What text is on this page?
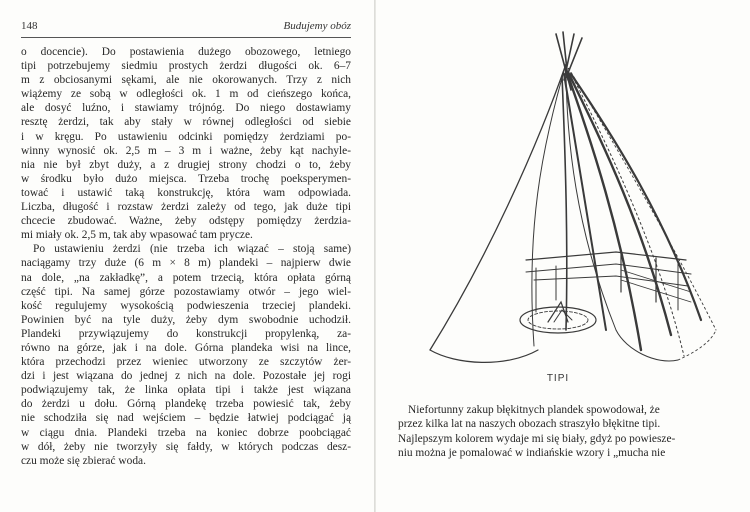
148	Budujemy obóz

o docencie). Do postawienia dużego obozowego, letniego
tipi potrzebujemy siedmiu prostych żerdzi długości ok. 6–7
m z obciosanymi sękami, ale nie okorowanych. Trzy z nich
wiążemy ze sobą w odległości ok. 1 m od cieńszego końca,
ale dosyć luźno, i stawiamy trójnóg. Do niego dostawiamy
resztę żerdzi, tak aby stały w równej odległości od siebie
i w kręgu. Po ustawieniu odcinki pomiędzy żerdziami po-
winny wynosić ok. 2,5 m – 3 m i ważne, żeby kąt nachyle-
nia nie był zbyt duży, a z drugiej strony chodzi o to, żeby
w środku było dużo miejsca. Trzeba trochę poeksperymen-
tować i ustawić taką konstrukcję, która wam odpowiada.
Liczba, długość i rozstaw żerdzi zależy od tego, jak duże tipi
chcecie zbudować. Ważne, żeby odstępy pomiędzy żerdzia-
mi miały ok. 2,5 m, tak aby wpasować tam prycze.

Po ustawieniu żerdzi (nie trzeba ich wiązać – stoją same)
naciągamy trzy duże (6 m × 8 m) plandeki – najpierw dwie
na dole, „na zakładkę”, a potem trzecią, która opłata górną
część tipi. Na samej górze pozostawiamy otwór – jego wiel-
kość regulujemy wysokością podwieszenia trzeciej plandeki.
Powinien być na tyle duży, żeby dym swobodnie uchodził.
Plandeki przywiązujemy do konstrukcji propylenką, za-
równo na górze, jak i na dole. Górna plandeka wisi na lince,
która przechodzi przez wieniec utworzony ze szczytów żer-
dzi i jest wiązana do jednej z nich na dole. Pozostałe jej rogi
podwiązujemy tak, że linka opłata tipi i także jest wiązana
do żerdzi u dołu. Górną plandekę trzeba powiesić tak, żeby
nie schodziła się nad wejściem – będzie łatwiej podciągać ją
w ciągu dnia. Plandeki trzeba na koniec dobrze poobciągać
w dół, żeby nie tworzyły się fałdy, w których podczas desz-
czu może się zbierać woda.

TIPI
Niefortunny zakup błękitnych plandek spowodował, że
przez kilka lat na naszych obozach straszyło błękitne tipi.
Najlepszym kolorem wydaje mi się biały, gdyż po powiesze-
niu można je pomalować w indiańskie wzory i „mucha nie
